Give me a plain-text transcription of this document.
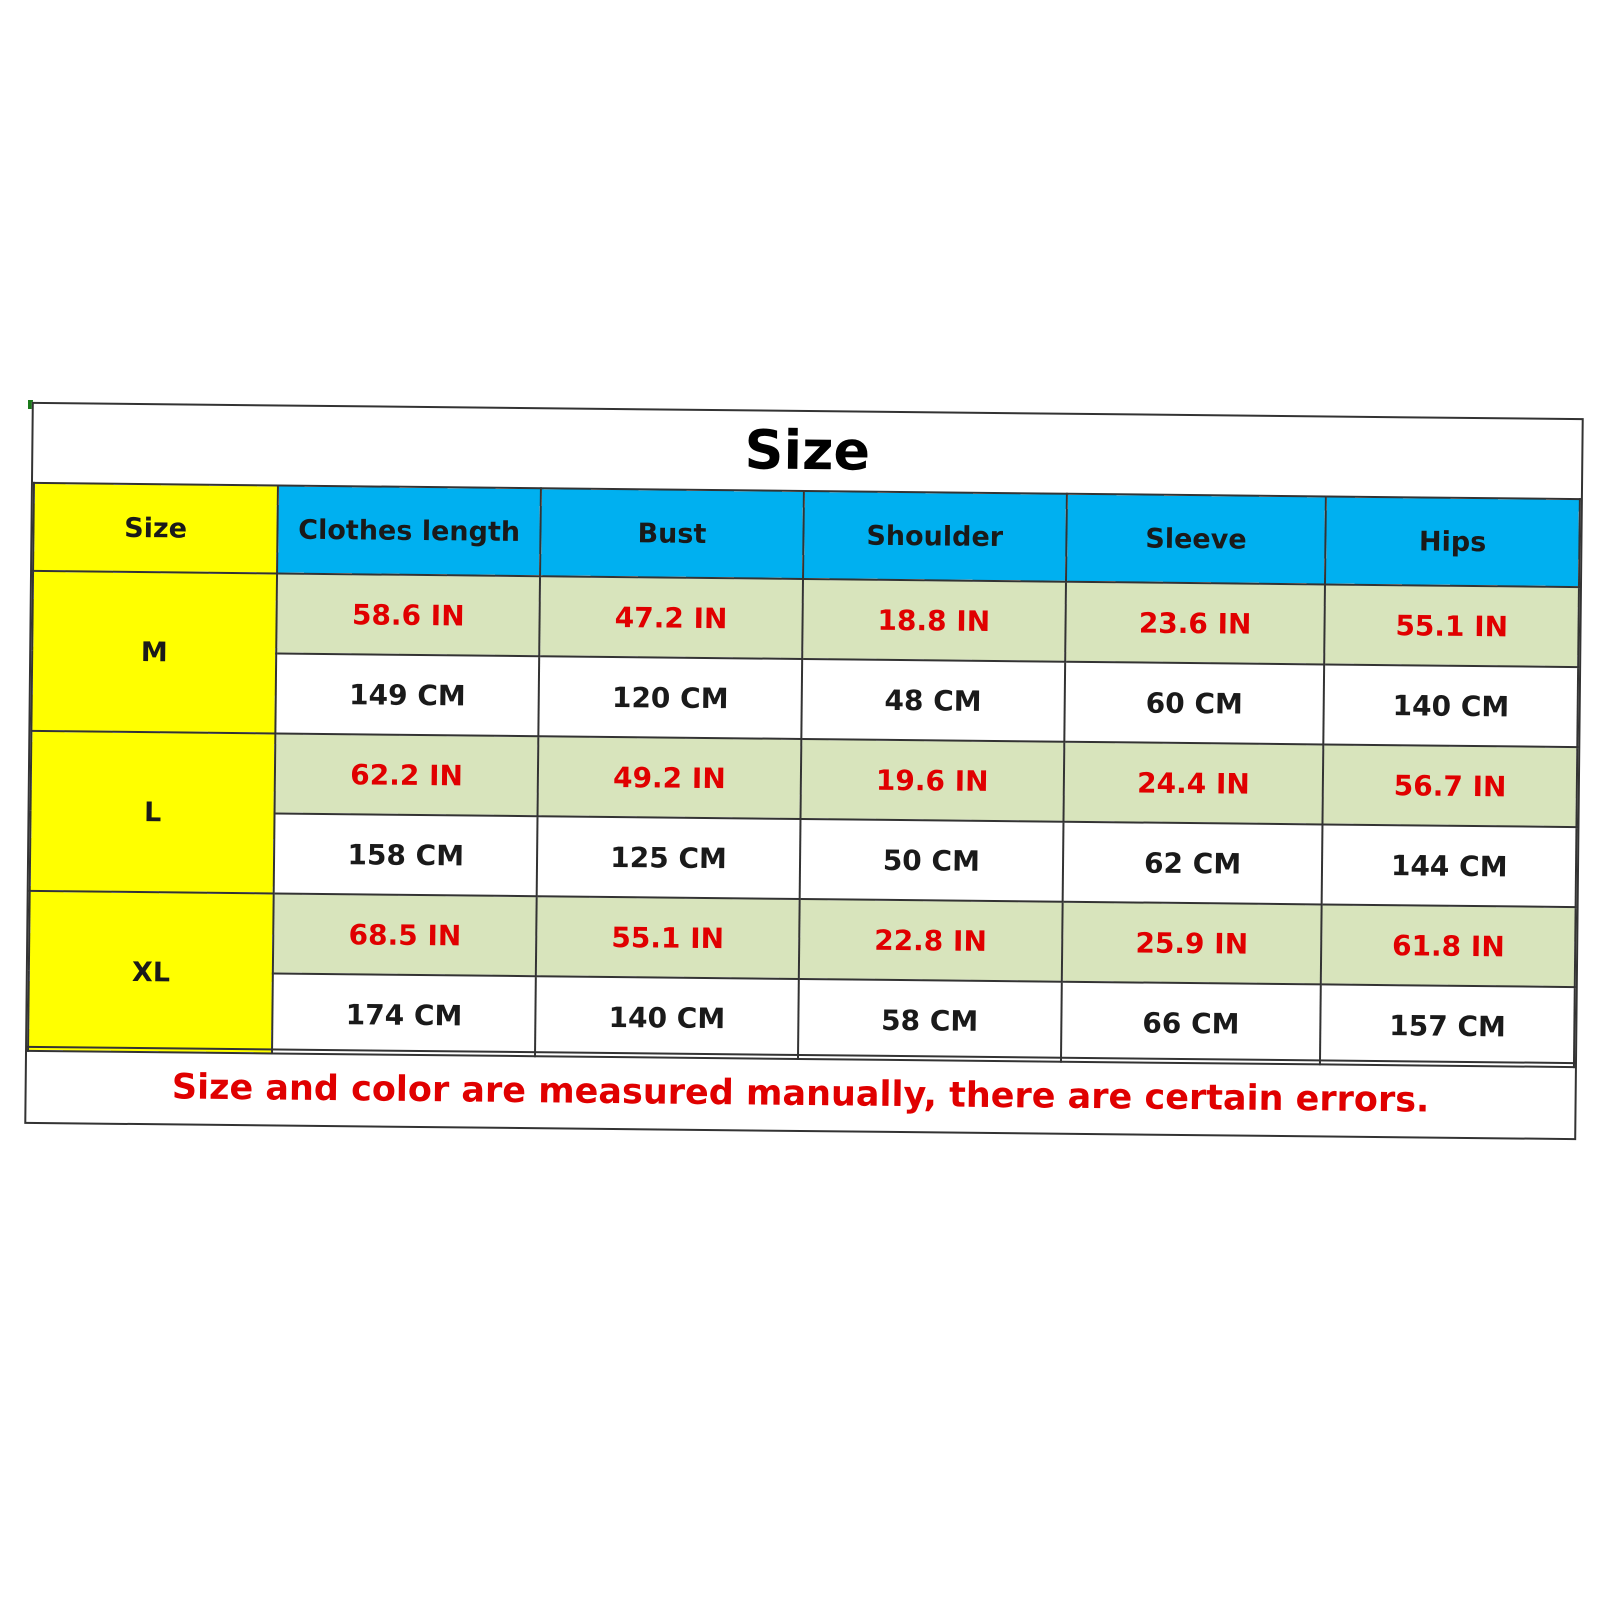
Size
Size	Clothes length	Bust	Shoulder	Sleeve	Hips
M	58.6 IN	47.2 IN	18.8 IN	23.6 IN	55.1 IN
	149 CM	120 CM	48 CM	60 CM	140 CM
L	62.2 IN	49.2 IN	19.6 IN	24.4 IN	56.7 IN
	158 CM	125 CM	50 CM	62 CM	144 CM
XL	68.5 IN	55.1 IN	22.8 IN	25.9 IN	61.8 IN
	174 CM	140 CM	58 CM	66 CM	157 CM
Size and color are measured manually, there are certain errors.
